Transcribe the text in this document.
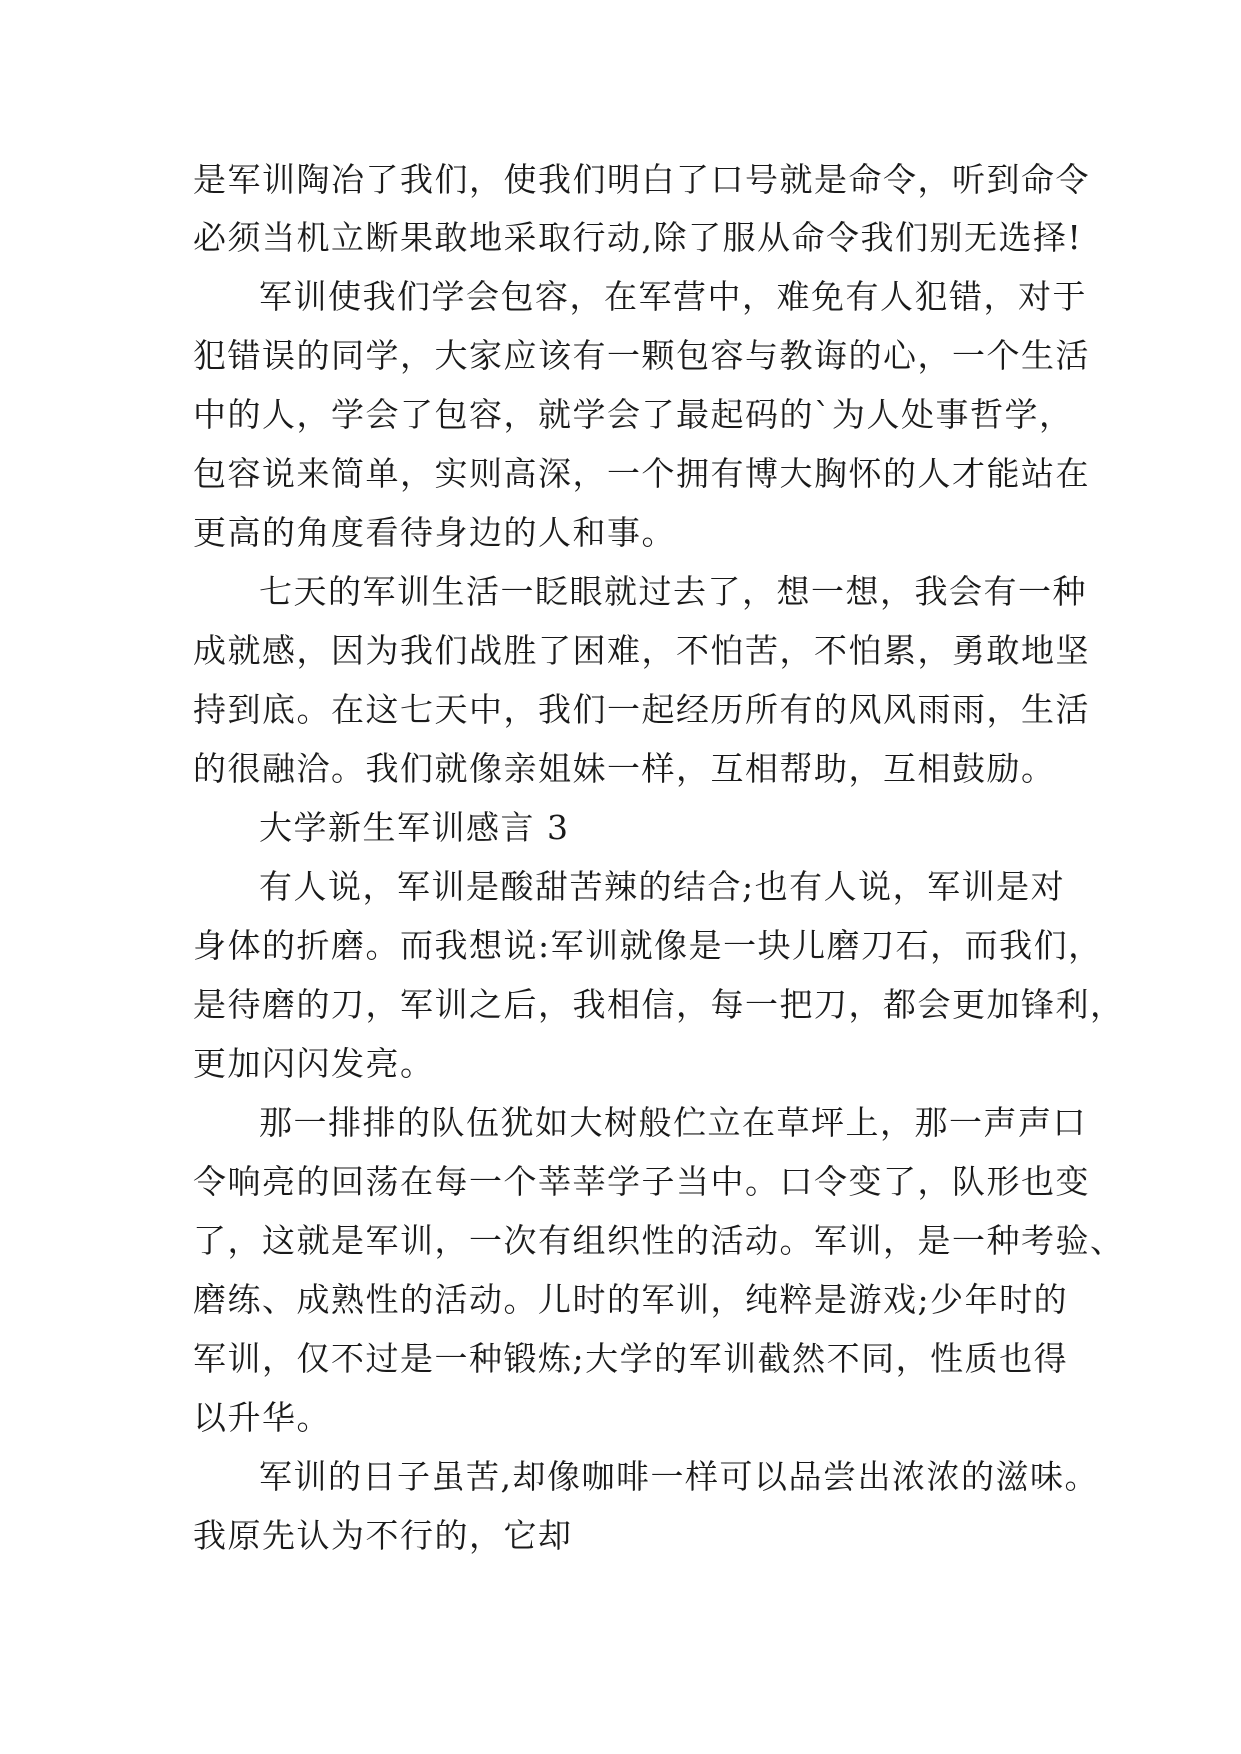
是军训陶冶了我们，使我们明白了口号就是命令，听到命令
必须当机立断果敢地采取行动,除了服从命令我们别无选择!
军训使我们学会包容，在军营中，难免有人犯错，对于
犯错误的同学，大家应该有一颗包容与教诲的心，一个生活
中的人，学会了包容，就学会了最起码的`为人处事哲学，
包容说来简单，实则高深，一个拥有博大胸怀的人才能站在
更高的角度看待身边的人和事。
七天的军训生活一眨眼就过去了，想一想，我会有一种
成就感，因为我们战胜了困难，不怕苦，不怕累，勇敢地坚
持到底。在这七天中，我们一起经历所有的风风雨雨，生活
的很融洽。我们就像亲姐妹一样，互相帮助，互相鼓励。
大学新生军训感言 3
有人说，军训是酸甜苦辣的结合;也有人说，军训是对
身体的折磨。而我想说:军训就像是一块儿磨刀石，而我们，
是待磨的刀，军训之后，我相信，每一把刀，都会更加锋利，
更加闪闪发亮。
那一排排的队伍犹如大树般伫立在草坪上，那一声声口
令响亮的回荡在每一个莘莘学子当中。口令变了，队形也变
了，这就是军训，一次有组织性的活动。军训，是一种考验、
磨练、成熟性的活动。儿时的军训，纯粹是游戏;少年时的
军训，仅不过是一种锻炼;大学的军训截然不同，性质也得
以升华。
军训的日子虽苦,却像咖啡一样可以品尝出浓浓的滋味。
我原先认为不行的，它却
